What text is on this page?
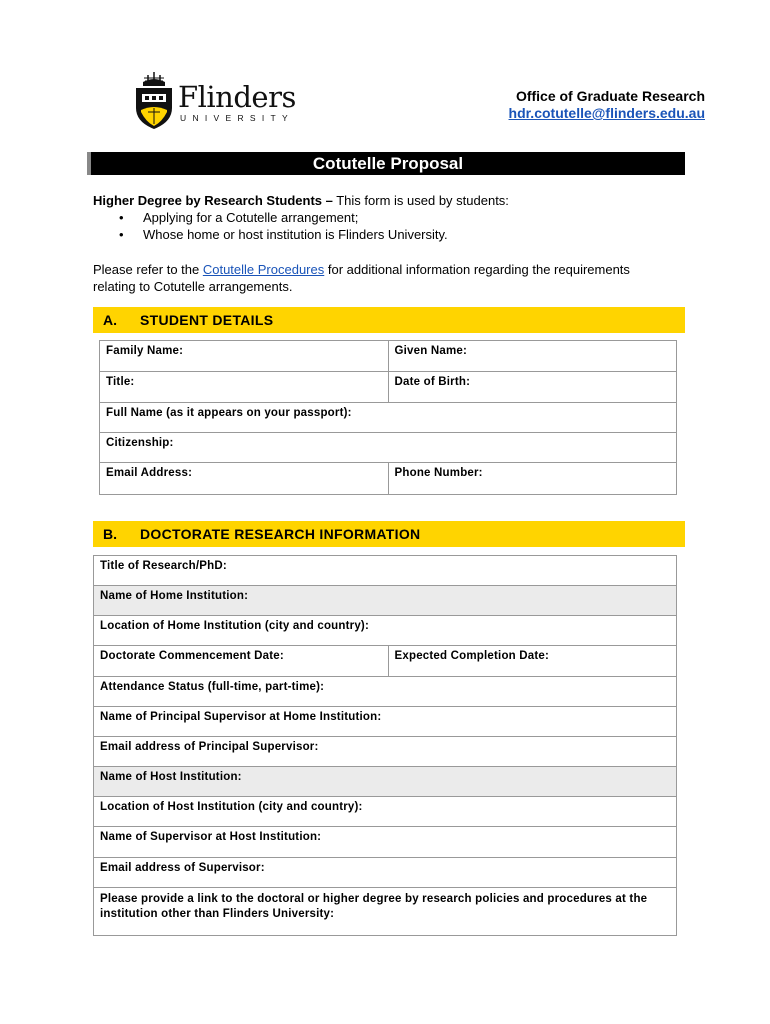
Flinders
UNIVERSITY
Office of Graduate Research
hdr.cotutelle@flinders.edu.au
Cotutelle Proposal
Higher Degree by Research Students – This form is used by students:
• Applying for a Cotutelle arrangement;
• Whose home or host institution is Flinders University.
Please refer to the Cotutelle Procedures for additional information regarding the requirements relating to Cotutelle arrangements.
A. STUDENT DETAILS
Family Name:	Given Name:
Title:	Date of Birth:
Full Name (as it appears on your passport):	
Citizenship:	
Email Address:	Phone Number:
B. DOCTORATE RESEARCH INFORMATION
Title of Research/PhD:
Name of Home Institution:
Location of Home Institution (city and country):
Doctorate Commencement Date:	Expected Completion Date:
Attendance Status (full-time, part-time):
Name of Principal Supervisor at Home Institution:
Email address of Principal Supervisor:
Name of Host Institution:
Location of Host Institution (city and country):
Name of Supervisor at Host Institution:
Email address of Supervisor:
Please provide a link to the doctoral or higher degree by research policies and procedures at the institution other than Flinders University:
